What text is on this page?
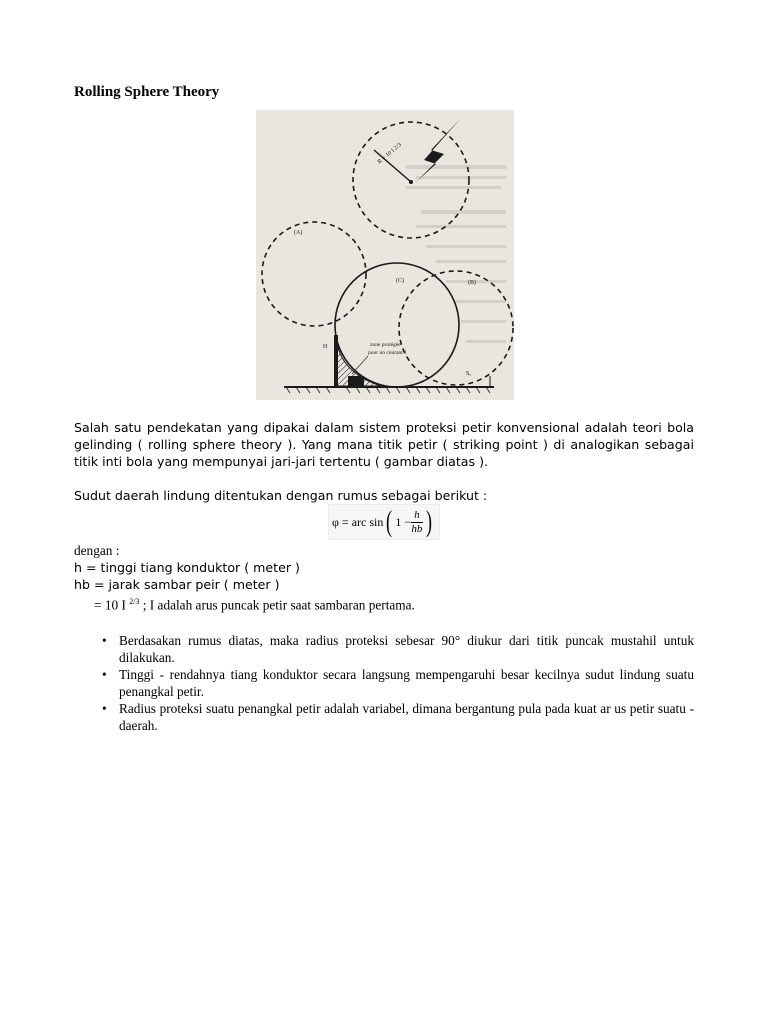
Rolling Sphere Theory
R = 10 I 2/3
(A)
(C)	(B)
H	zone protégée
pour un courant I
Sₐ
Salah satu pendekatan yang dipakai dalam sistem proteksi petir konvensional adalah teori bola gelinding ( rolling sphere theory ). Yang mana titik petir ( striking point ) di analogikan sebagai titik inti bola yang mempunyai jari-jari tertentu ( gambar diatas ).
Sudut daerah lindung ditentukan dengan rumus sebagai berikut :
φ = arc sin ( $1 - \frac{h}{hb}$ )
dengan :
h = tinggi tiang konduktor ( meter )
hb = jarak sambar peir ( meter )
= 10 I $^{2/3}$ ; I adalah arus puncak petir saat sambaran pertama.
• Berdasakan rumus diatas, maka radius proteksi sebesar 90° diukur dari titik puncak mustahil untuk dilakukan.
• Tinggi - rendahnya tiang konduktor secara langsung mempengaruhi besar kecilnya sudut lindung suatu penangkal petir.
• Radius proteksi suatu penangkal petir adalah variabel, dimana bergantung pula pada kuat ar us petir suatu -daerah.
